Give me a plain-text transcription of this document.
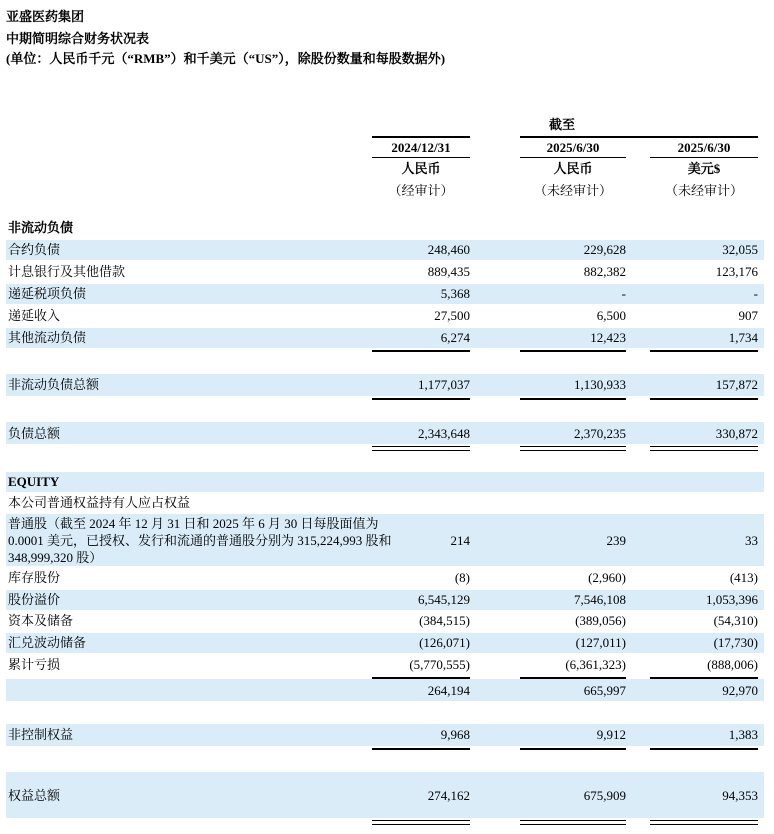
亚盛医药集团
中期简明综合财务状况表
(单位：人民币千元（“RMB”）和千美元（“US”），除股份数量和每股数据外)
截至
2024/12/31	2025/6/30	2025/6/30
人民币	人民币	美元$
（经审计）	（未经审计）	（未经审计）
非流动负债
合约负债	248,460	229,628	32,055
计息银行及其他借款	889,435	882,382	123,176
递延税项负债	5,368	-	-
递延收入	27,500	6,500	907
其他流动负债	6,274	12,423	1,734
非流动负债总额	1,177,037	1,130,933	157,872
负债总额	2,343,648	2,370,235	330,872
EQUITY
本公司普通权益持有人应占权益
普通股（截至 2024 年 12 月 31 日和 2025 年 6 月 30 日每股面值为 0.0001 美元，已授权、发行和流通的普通股分别为 315,224,993 股和 348,999,320 股）
214	239	33
库存股份	(8)	(2,960)	(413)
股份溢价	6,545,129	7,546,108	1,053,396
资本及储备	(384,515)	(389,056)	(54,310)
汇兑波动储备	(126,071)	(127,011)	(17,730)
累计亏损	(5,770,555)	(6,361,323)	(888,006)
264,194	665,997	92,970
非控制权益	9,968	9,912	1,383
权益总额	274,162	675,909	94,353
